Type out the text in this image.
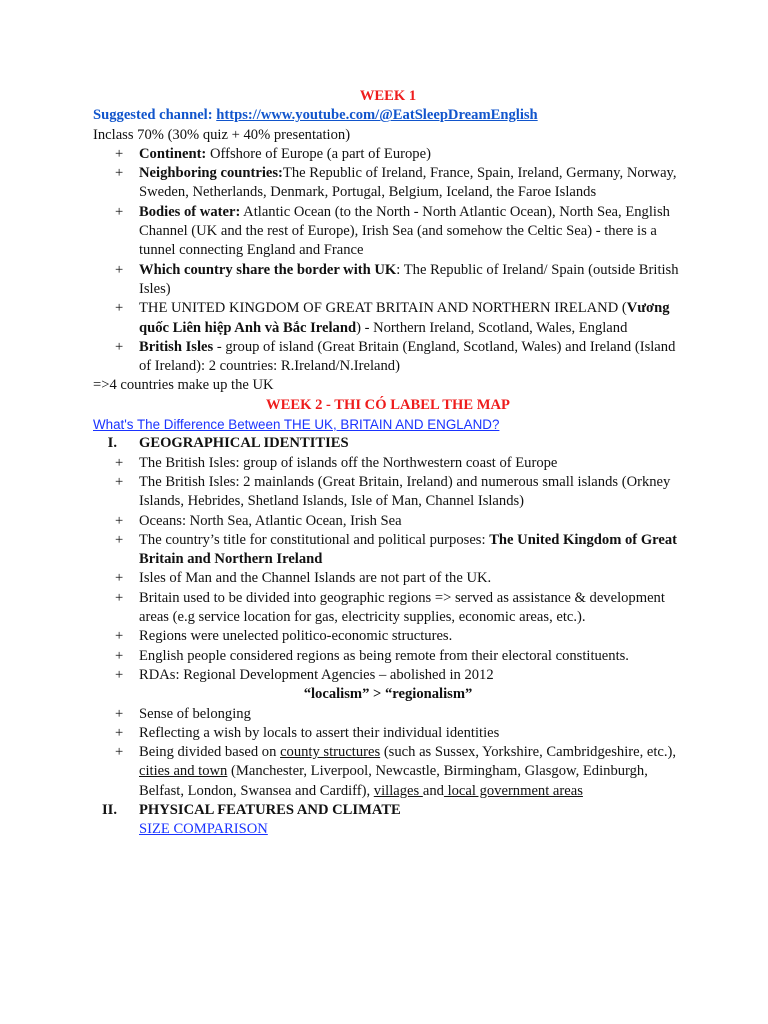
WEEK 1
Suggested channel: https://www.youtube.com/@EatSleepDreamEnglish
Inclass 70% (30% quiz + 40% presentation)
+ Continent: Offshore of Europe (a part of Europe)
+ Neighboring countries:The Republic of Ireland, France, Spain, Ireland, Germany, Norway, Sweden, Netherlands, Denmark, Portugal, Belgium, Iceland, the Faroe Islands
+ Bodies of water: Atlantic Ocean (to the North - North Atlantic Ocean), North Sea, English Channel (UK and the rest of Europe), Irish Sea (and somehow the Celtic Sea) - there is a tunnel connecting England and France
+ Which country share the border with UK: The Republic of Ireland/ Spain (outside British Isles)
+ THE UNITED KINGDOM OF GREAT BRITAIN AND NORTHERN IRELAND (Vương quốc Liên hiệp Anh và Bắc Ireland) - Northern Ireland, Scotland, Wales, England
+ British Isles - group of island (Great Britain (England, Scotland, Wales) and Ireland (Island of Ireland): 2 countries: R.Ireland/N.Ireland)
=>4 countries make up the UK
WEEK 2 - THI CÓ LABEL THE MAP
What's The Difference Between THE UK, BRITAIN AND ENGLAND?
I. GEOGRAPHICAL IDENTITIES
+ The British Isles: group of islands off the Northwestern coast of Europe
+ The British Isles: 2 mainlands (Great Britain, Ireland) and numerous small islands (Orkney Islands, Hebrides, Shetland Islands, Isle of Man, Channel Islands)
+ Oceans: North Sea, Atlantic Ocean, Irish Sea
+ The country’s title for constitutional and political purposes: The United Kingdom of Great Britain and Northern Ireland
+ Isles of Man and the Channel Islands are not part of the UK.
+ Britain used to be divided into geographic regions => served as assistance & development areas (e.g service location for gas, electricity supplies, economic areas, etc.).
+ Regions were unelected politico-economic structures.
+ English people considered regions as being remote from their electoral constituents.
+ RDAs: Regional Development Agencies – abolished in 2012
“localism” > “regionalism”
+ Sense of belonging
+ Reflecting a wish by locals to assert their individual identities
+ Being divided based on county structures (such as Sussex, Yorkshire, Cambridgeshire, etc.), cities and town (Manchester, Liverpool, Newcastle, Birmingham, Glasgow, Edinburgh, Belfast, London, Swansea and Cardiff), villages and local government areas
II. PHYSICAL FEATURES AND CLIMATE
SIZE COMPARISON
